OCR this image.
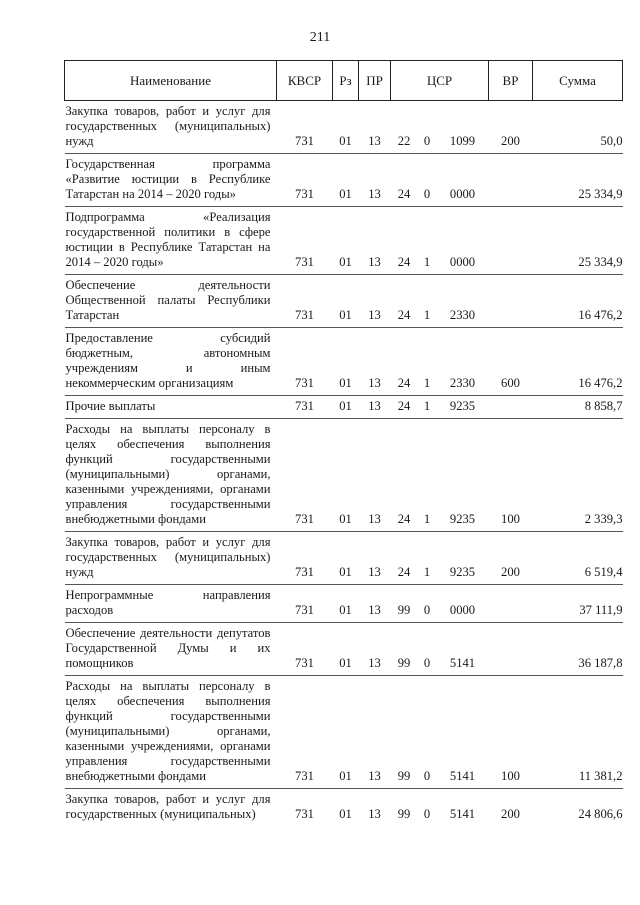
211
Наименование	КВСР	Рз	ПР	ЦСР			ВР	Сумма
Закупка товаров, работ и услуг для государственных (муниципальных) нужд	731	01	13	22	0	1099	200	50,0
Государственная программа «Развитие юстиции в Республике Татарстан на 2014 – 2020 годы»	731	01	13	24	0	0000		25 334,9
Подпрограмма «Реализация государственной политики в сфере юстиции в Республике Татарстан на 2014 – 2020 годы»	731	01	13	24	1	0000		25 334,9
Обеспечение деятельности Общественной палаты Республики Татарстан	731	01	13	24	1	2330		16 476,2
Предоставление субсидий бюджетным, автономным учреждениям и иным некоммерческим организациям	731	01	13	24	1	2330	600	16 476,2
Прочие выплаты	731	01	13	24	1	9235		8 858,7
Расходы на выплаты персоналу в целях обеспечения выполнения функций государственными (муниципальными) органами, казенными учреждениями, органами управления государственными внебюджетными фондами	731	01	13	24	1	9235	100	2 339,3
Закупка товаров, работ и услуг для государственных (муниципальных) нужд	731	01	13	24	1	9235	200	6 519,4
Непрограммные направления расходов	731	01	13	99	0	0000		37 111,9
Обеспечение деятельности депутатов Государственной Думы и их помощников	731	01	13	99	0	5141		36 187,8
Расходы на выплаты персоналу в целях обеспечения выполнения функций государственными (муниципальными) органами, казенными учреждениями, органами управления государственными внебюджетными фондами	731	01	13	99	0	5141	100	11 381,2
Закупка товаров, работ и услуг для государственных (муниципальных)	731	01	13	99	0	5141	200	24 806,6
